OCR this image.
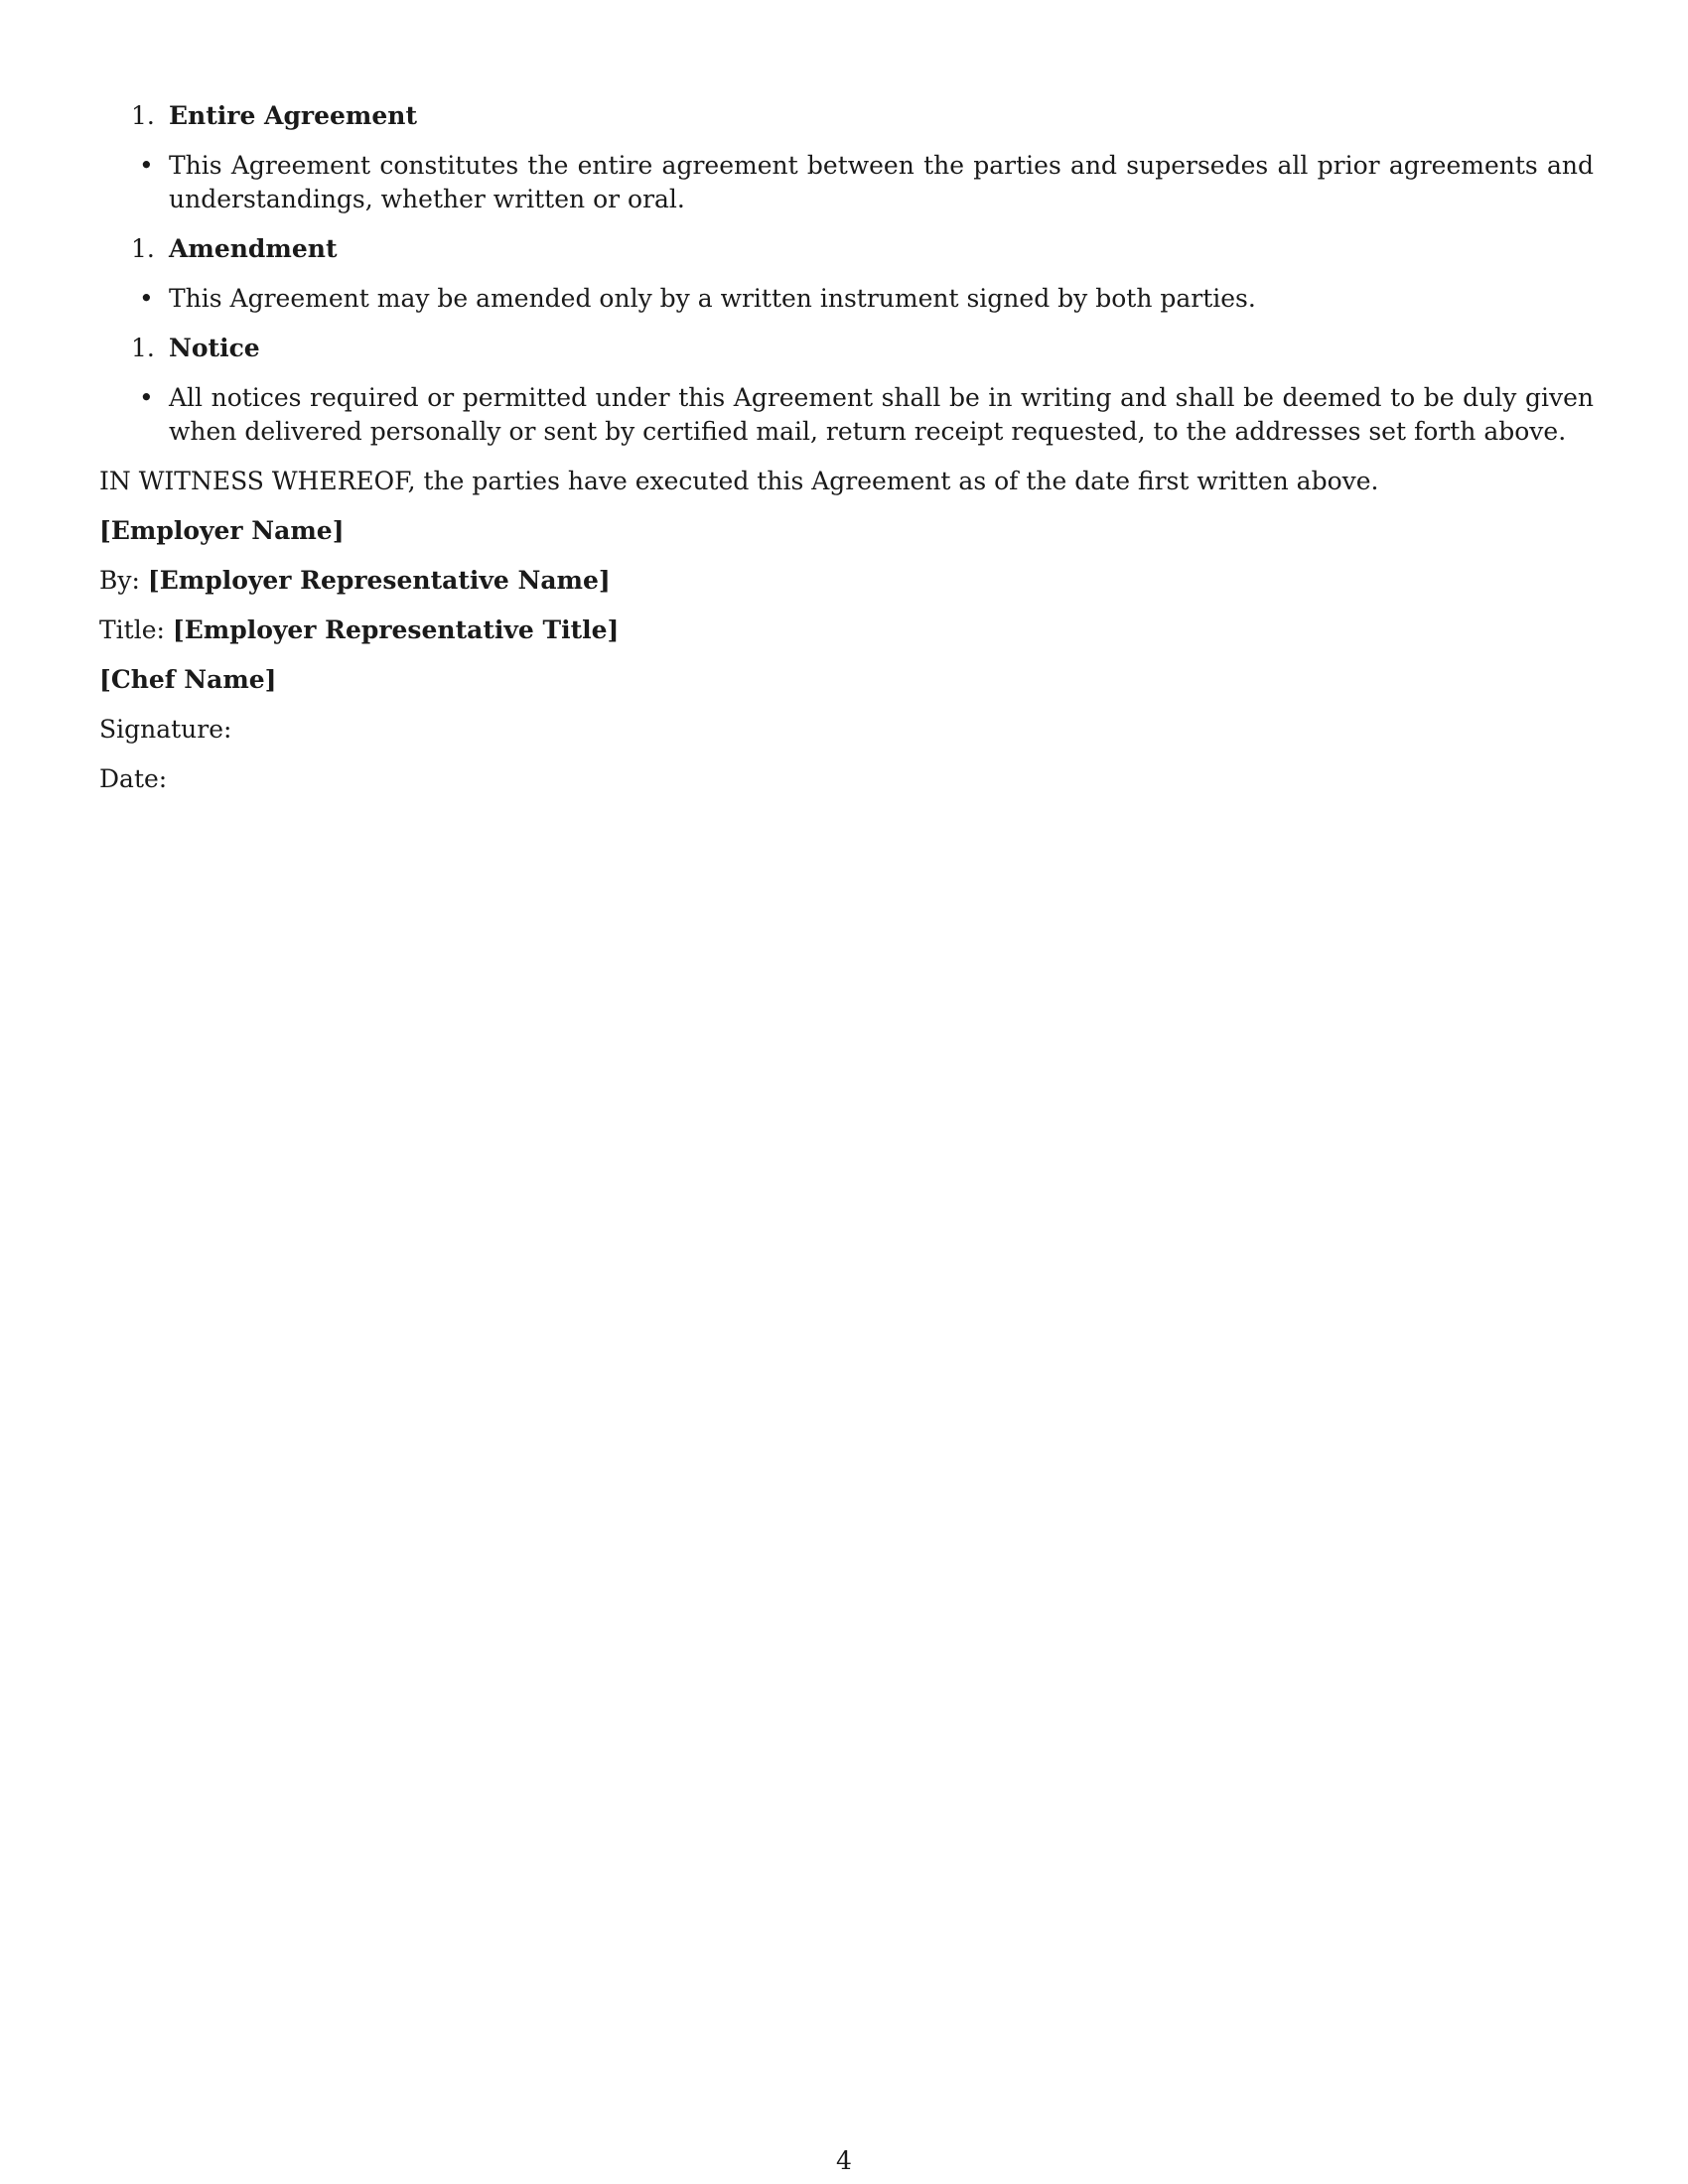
1. Entire Agreement
• This Agreement constitutes the entire agreement between the parties and supersedes all prior agreements and understandings, whether written or oral.
1. Amendment
• This Agreement may be amended only by a written instrument signed by both parties.
1. Notice
• All notices required or permitted under this Agreement shall be in writing and shall be deemed to be duly given when delivered personally or sent by certified mail, return receipt requested, to the addresses set forth above.

IN WITNESS WHEREOF, the parties have executed this Agreement as of the date first written above.

[Employer Name]

By: [Employer Representative Name]

Title: [Employer Representative Title]

[Chef Name]

Signature:

Date:

4
